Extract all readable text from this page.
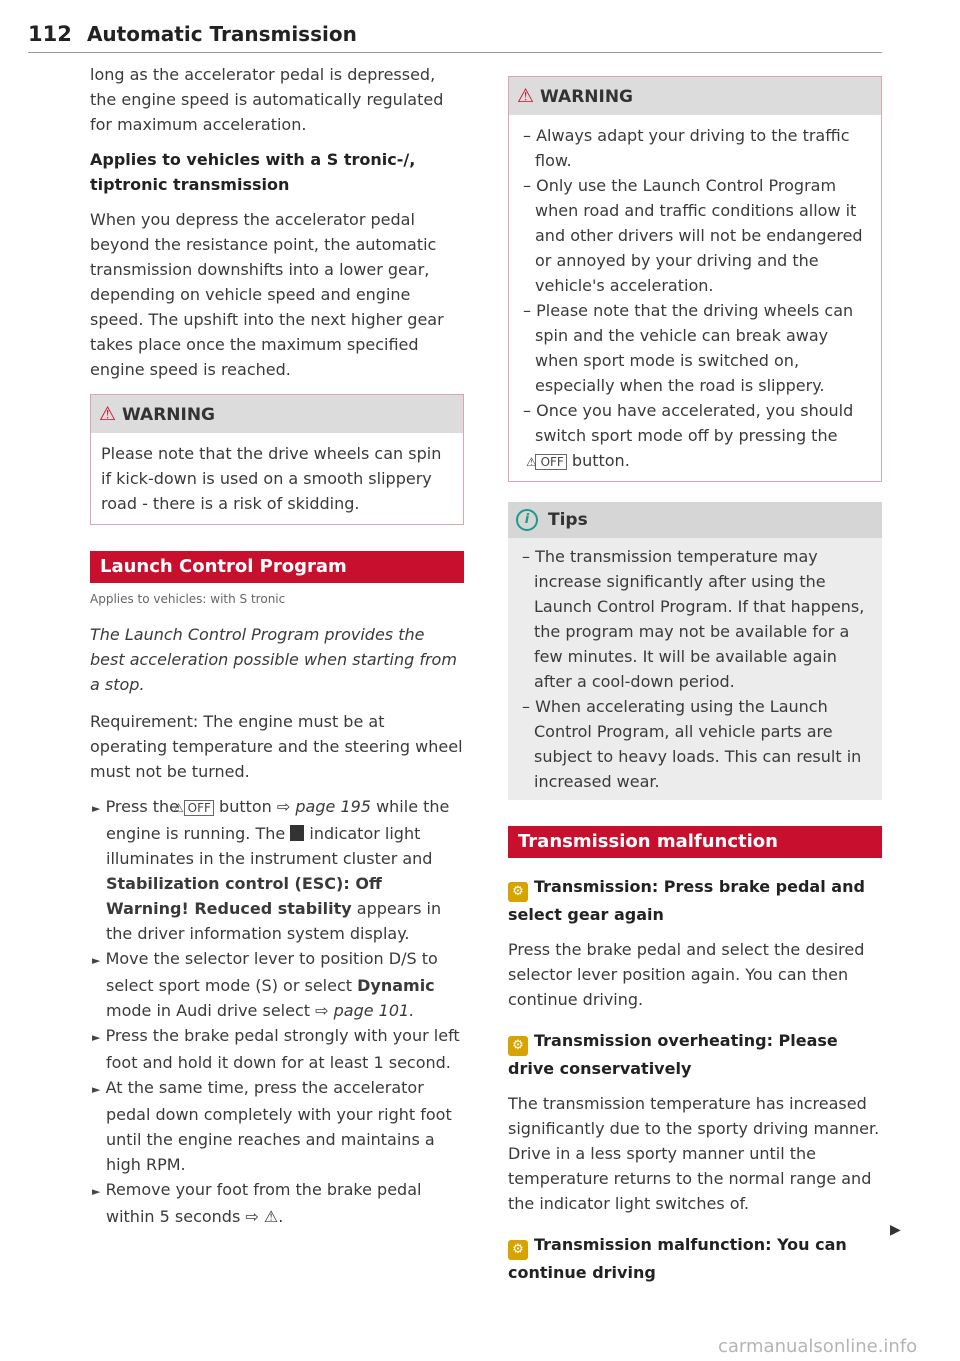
112 Automatic Transmission

long as the accelerator pedal is depressed, the engine speed is automatically regulated for maximum acceleration.

Applies to vehicles with a S tronic-/, tiptronic transmission

When you depress the accelerator pedal beyond the resistance point, the automatic transmission downshifts into a lower gear, depending on vehicle speed and engine speed. The upshift into the next higher gear takes place once the maximum specified engine speed is reached.

⚠ WARNING
Please note that the drive wheels can spin if kick-down is used on a smooth slippery road - there is a risk of skidding.
Launch Control Program

Applies to vehicles: with S tronic

The Launch Control Program provides the best acceleration possible when starting from a stop.

Requirement: The engine must be at operating temperature and the steering wheel must not be turned.

► Press the ⚠ OFF button ⇨ page 195 while the engine is running. The indicator light illuminates in the instrument cluster and Stabilization control (ESC): Off Warning! Reduced stability appears in the driver information system display.

► Move the selector lever to position D/S to select sport mode (S) or select Dynamic mode in Audi drive select ⇨ page 101.

► Press the brake pedal strongly with your left foot and hold it down for at least 1 second.

► At the same time, press the accelerator pedal down completely with your right foot until the engine reaches and maintains a high RPM.

► Remove your foot from the brake pedal within 5 seconds ⇨ ⚠.

⚠ WARNING

– Always adapt your driving to the traffic flow.

– Only use the Launch Control Program when road and traffic conditions allow it and other drivers will not be endangered or annoyed by your driving and the vehicle's acceleration.

– Please note that the driving wheels can spin and the vehicle can break away when sport mode is switched on, especially when the road is slippery.

– Once you have accelerated, you should switch sport mode off by pressing the ⚠ OFF button.

i Tips

– The transmission temperature may increase significantly after using the Launch Control Program. If that happens, the program may not be available for a few minutes. It will be available again after a cool-down period.

– When accelerating using the Launch Control Program, all vehicle parts are subject to heavy loads. This can result in increased wear.

Transmission malfunction

⚙ Transmission: Press brake pedal and select gear again

Press the brake pedal and select the desired selector lever position again. You can then continue driving.

⚙ Transmission overheating: Please drive conservatively

The transmission temperature has increased significantly due to the sporty driving manner. Drive in a less sporty manner until the temperature returns to the normal range and the indicator light switches of.

⚙ Transmission malfunction: You can continue driving

▶
carmanualsonline.info
